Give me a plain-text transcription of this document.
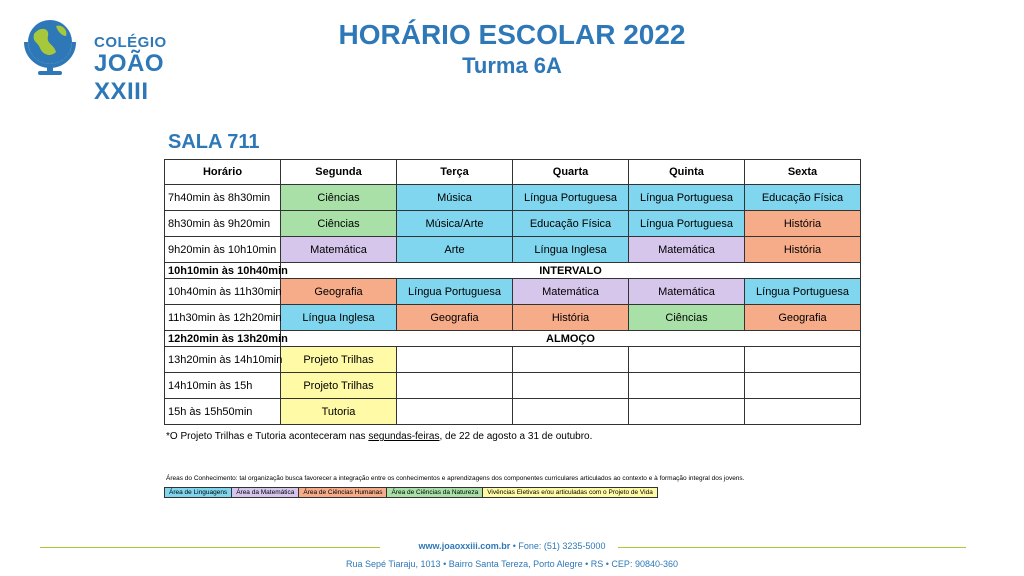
COLÉGIO
JOÃO XXIII
HORÁRIO ESCOLAR 2022
Turma 6A
SALA 711
Horário	Segunda	Terça	Quarta	Quinta	Sexta
7h40min às 8h30min	Ciências	Música	Língua Portuguesa	Língua Portuguesa	Educação Física
8h30min às 9h20min	Ciências	Música/Arte	Educação Física	Língua Portuguesa	História
9h20min às 10h10min	Matemática	Arte	Língua Inglesa	Matemática	História
10h10min às 10h40min	INTERVALO				
10h40min às 11h30min	Geografia	Língua Portuguesa	Matemática	Matemática	Língua Portuguesa
11h30min às 12h20min	Língua Inglesa	Geografia	História	Ciências	Geografia
12h20min às 13h20min	ALMOÇO				
13h20min às 14h10min	Projeto Trilhas				
14h10min às 15h	Projeto Trilhas				
15h às 15h50min	Tutoria				
*O Projeto Trilhas e Tutoria aconteceram nas segundas-feiras, de 22 de agosto a 31 de outubro.
Áreas do Conhecimento: tal organização busca favorecer a integração entre os conhecimentos e aprendizagens dos componentes curriculares articulados ao contexto e à formação integral dos jovens.
Área de Linguagens	Área da Matemática	Área de Ciências Humanas	Área de Ciências da Natureza	Vivências Eletivas e/ou articuladas com o Projeto de Vida
www.joaoxxiii.com.br • Fone: (51) 3235-5000
Rua Sepé Tiaraju, 1013 • Bairro Santa Tereza, Porto Alegre • RS • CEP: 90840-360
